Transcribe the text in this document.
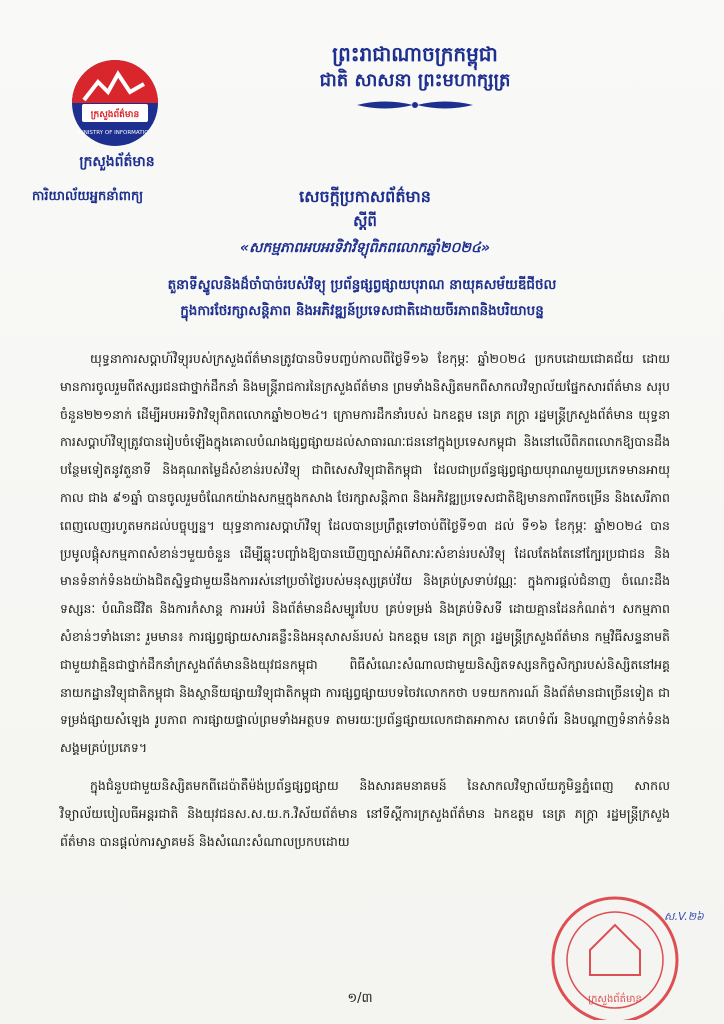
ព្រះរាជាណាចក្រកម្ពុជា
ជាតិ សាសនា ព្រះមហាក្សត្រ
ក្រសួងព័ត៌មាន
MINISTRY OF INFORMATION
ក្រសួងព័ត៌មាន
ការិយាល័យអ្នកនាំពាក្យ	សេចក្តីប្រកាសព័ត៌មាន
ស្តីពី
«សកម្មភាពអបអរទិវាវិទ្យុពិភពលោកឆ្នាំ២០២៤»
តួនាទីស្នូលនិងដ៏ចាំបាច់របស់វិទ្យុ ប្រព័ន្ធផ្សព្វផ្សាយបុរាណ នាយុគសម័យឌីជីថល
ក្នុងការថែរក្សាសន្តិភាព និងអភិវឌ្ឍន៍ប្រទេសជាតិដោយចីរភាពនិងបរិយាបន្ន

យុទ្ធនាការសប្តាហ៍វិទ្យុរបស់ក្រសួងព័ត៌មានត្រូវបានបិទបញ្ចប់កាលពីថ្ងៃទី១៦ ខែកុម្ភៈ ឆ្នាំ២០២៤ ប្រកបដោយជោគជ័យ ដោយមានការចូលរួមពីឥស្សរជនជាថ្នាក់ដឹកនាំ និងមន្ត្រីរាជការនៃក្រសួងព័ត៌មាន ព្រមទាំងនិស្សិតមកពីសាកលវិទ្យាល័យផ្នែកសារព័ត៌មាន សរុបចំនួន២២១នាក់ ដើម្បីអបអរទិវាវិទ្យុពិភពលោកឆ្នាំ២០២៤។ ក្រោមការដឹកនាំរបស់ ឯកឧត្តម នេត្រ ភក្ត្រា រដ្ឋមន្ត្រីក្រសួងព័ត៌មាន យុទ្ធនាការសប្តាហ៍វិទ្យុត្រូវបានរៀបចំឡើងក្នុងគោលបំណងផ្សព្វផ្សាយដល់សាធារណៈជននៅក្នុងប្រទេសកម្ពុជា និងនៅលើពិភពលោកឱ្យបានដឹងបន្ថែមទៀតនូវតួនាទី និងគុណតម្លៃដ៏សំខាន់របស់វិទ្យុ ជាពិសេសវិទ្យុជាតិកម្ពុជា ដែលជាប្រព័ន្ធផ្សព្វផ្សាយបុរាណមួយប្រភេទមានអាយុកាល ជាង ៩១ឆ្នាំ បានចូលរួមចំណែកយ៉ាងសកម្មក្នុងកសាង ថែរក្សាសន្តិភាព និងអភិវឌ្ឍប្រទេសជាតិឱ្យមានភាពរីកចម្រើន និងសេរីភាពពេញលេញរហូតមកដល់បច្ចុប្បន្ន។ យុទ្ធនាការសប្តាហ៍វិទ្យុ ដែលបានប្រព្រឹត្តទៅចាប់ពីថ្ងៃទី១៣ ដល់ ទី១៦ ខែកុម្ភៈ ឆ្នាំ២០២៤ បានប្រមូលផ្តុំសកម្មភាពសំខាន់ៗមួយចំនួន ដើម្បីឆ្លុះបញ្ចាំងឱ្យបានឃើញច្បាស់អំពីសារៈសំខាន់របស់វិទ្យុ ដែលតែងតែនៅក្បែរប្រជាជន និងមានទំនាក់ទំនងយ៉ាងជិតស្និទ្ធជាមួយនឹងការរស់នៅប្រចាំថ្ងៃរបស់មនុស្សគ្រប់វ័យ និងគ្រប់ស្រទាប់វណ្ណៈ ក្នុងការផ្តល់ជំនាញ ចំណេះដឹង ទស្សនៈ បំណិនជីវិត និងការកំសាន្ត ការអប់រំ និងព័ត៌មានដ៏សម្បូរបែប គ្រប់ទម្រង់ និងគ្រប់ទិសទី ដោយគ្មានដែនកំណត់។ សកម្មភាពសំខាន់ៗទាំងនោះ រួមមាន៖ ការផ្សព្វផ្សាយសារគន្លឹះនិងអនុសាសន៍របស់ ឯកឧត្តម នេត្រ ភក្ត្រា រដ្ឋមន្ត្រីក្រសួងព័ត៌មាន កម្មវិធីសន្ទនាមតិជាមួយវាគ្មិនជាថ្នាក់ដឹកនាំក្រសួងព័ត៌មាននិងយុវជនកម្ពុជា ពិធីសំណេះសំណាលជាមួយនិស្សិតទស្សនកិច្ចសិក្សារបស់និស្សិតនៅអគ្គនាយកដ្ឋានវិទ្យុជាតិកម្ពុជា និងស្ថានីយផ្សាយវិទ្យុជាតិកម្ពុជា ការផ្សព្វផ្សាយបទចៃវលោកកថា បទយកការណ៍ និងព័ត៌មានជាច្រើនទៀត ជាទម្រង់ផ្សាយសំឡេង រូបភាព ការផ្សាយផ្ទាល់ព្រមទាំងអត្ថបទ តាមរយៈប្រព័ន្ធផ្សាយលេកជាតអាកាស គេហទំព័រ និងបណ្តាញទំនាក់ទំនងសង្គមគ្រប់ប្រភេទ។

ក្នុងជំនួបជាមួយនិស្សិតមកពីដេប៉ាតឺម៉ង់ប្រព័ន្ធផ្សព្វផ្សាយ និងសារគមនាគមន៍ នៃសាកលវិទ្យាល័យភូមិន្ទភ្នំពេញ សាកលវិទ្យាល័យបៀលធីអន្តរជាតិ និងយុវជនស.ស.យ.ក.វិស័យព័ត៌មាន នៅទីស្តីការក្រសួងព័ត៌មាន ឯកឧត្តម នេត្រ ភក្ត្រា រដ្ឋមន្ត្រីក្រសួងព័ត៌មាន បានផ្តល់ការស្វាគមន៍ និងសំណេះសំណាលប្រកបដោយ

ក្រសួងព័ត៌មាន
ស.V.២៦
១/៣
